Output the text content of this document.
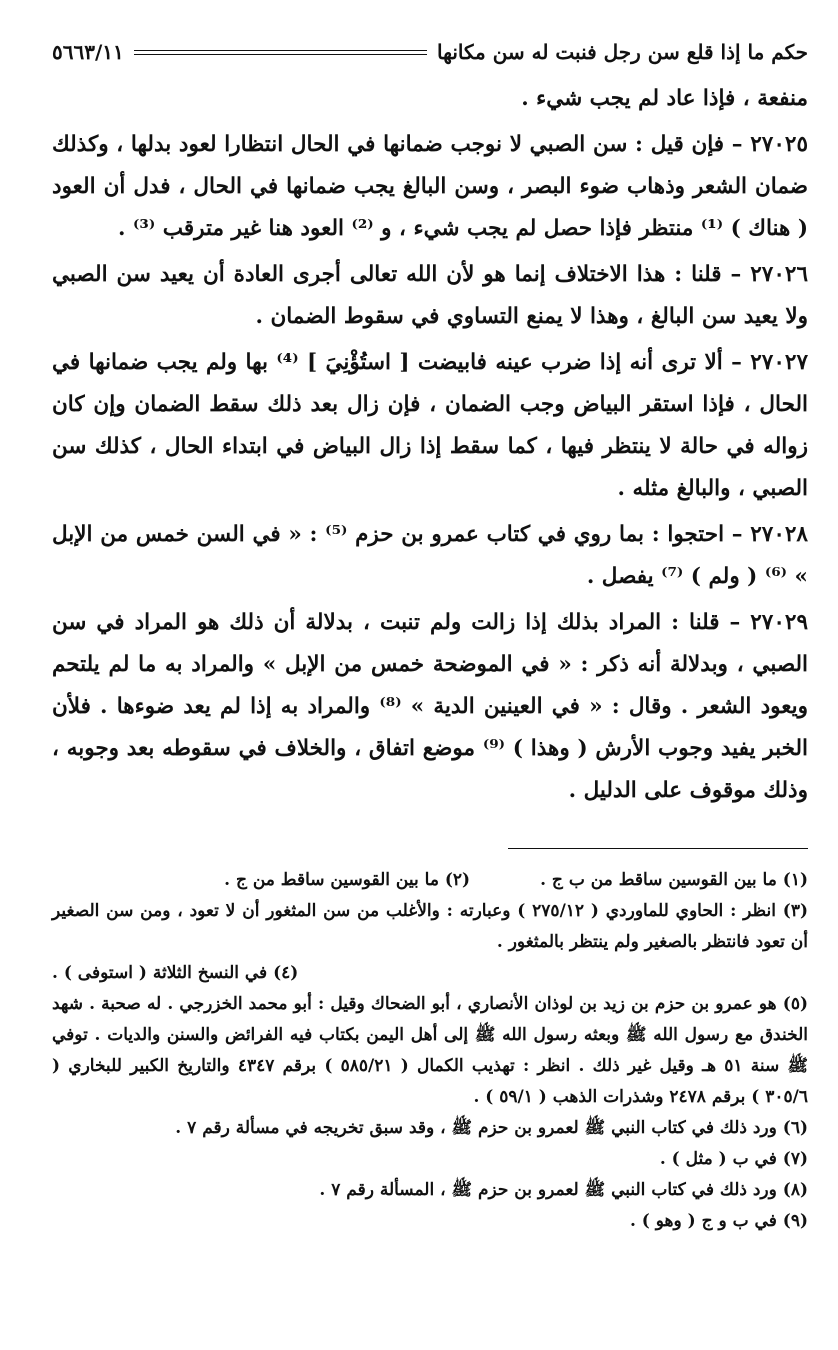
حكم ما إذا قلع سن رجل فنبت له سن مكانها
٥٦٦٣/١١

منفعة ، فإذا عاد لم يجب شيء .

٢٧٠٢٥ – فإن قيل : سن الصبي لا نوجب ضمانها في الحال انتظارا لعود بدلها ، وكذلك ضمان الشعر وذهاب ضوء البصر ، وسن البالغ يجب ضمانها في الحال ، فدل أن العود ( هناك ) ⁽¹⁾ منتظر فإذا حصل لم يجب شيء ، و ⁽²⁾ العود هنا غير مترقب ⁽³⁾ .

٢٧٠٢٦ – قلنا : هذا الاختلاف إنما هو لأن الله تعالى أجرى العادة أن يعيد سن الصبي ولا يعيد سن البالغ ، وهذا لا يمنع التساوي في سقوط الضمان .

٢٧٠٢٧ – ألا ترى أنه إذا ضرب عينه فابيضت [ استُؤْنِيَ ] ⁽⁴⁾ بها ولم يجب ضمانها في الحال ، فإذا استقر البياض وجب الضمان ، فإن زال بعد ذلك سقط الضمان وإن كان زواله في حالة لا ينتظر فيها ، كما سقط إذا زال البياض في ابتداء الحال ، كذلك سن الصبي ، والبالغ مثله .

٢٧٠٢٨ – احتجوا : بما روي في كتاب عمرو بن حزم ⁽⁵⁾ : « في السن خمس من الإبل » ⁽⁶⁾ ( ولم ) ⁽⁷⁾ يفصل .

٢٧٠٢٩ – قلنا : المراد بذلك إذا زالت ولم تنبت ، بدلالة أن ذلك هو المراد في سن الصبي ، وبدلالة أنه ذكر : « في الموضحة خمس من الإبل » والمراد به ما لم يلتحم ويعود الشعر . وقال : « في العينين الدية » ⁽⁸⁾ والمراد به إذا لم يعد ضوءها . فلأن الخبر يفيد وجوب الأرش ( وهذا ) ⁽⁹⁾ موضع اتفاق ، والخلاف في سقوطه بعد وجوبه ، وذلك موقوف على الدليل .

(١) ما بين القوسين ساقط من ب ج .
(٢) ما بين القوسين ساقط من ج .

(٣) انظر : الحاوي للماوردي ( ٢٧٥/١٢ ) وعبارته : والأغلب من سن المثغور أن لا تعود ، ومن سن الصغير أن تعود فانتظر بالصغير ولم ينتظر بالمثغور .

(٤) في النسخ الثلاثة ( استوفى ) .

(٥) هو عمرو بن حزم بن زيد بن لوذان الأنصاري ، أبو الضحاك وقيل : أبو محمد الخزرجي . له صحبة . شهد الخندق مع رسول الله ﷺ وبعثه رسول الله ﷺ إلى أهل اليمن بكتاب فيه الفرائض والسنن والديات . توفي ﷺ سنة ٥١ هـ وقيل غير ذلك . انظر : تهذيب الكمال ( ٥٨٥/٢١ ) برقم ٤٣٤٧ والتاريخ الكبير للبخاري ( ٣٠٥/٦ ) برقم ٢٤٧٨ وشذرات الذهب ( ٥٩/١ ) .

(٦) ورد ذلك في كتاب النبي ﷺ لعمرو بن حزم ﷺ ، وقد سبق تخريجه في مسألة رقم ٧ .

(٧) في ب ( مثل ) .

(٨) ورد ذلك في كتاب النبي ﷺ لعمرو بن حزم ﷺ ، المسألة رقم ٧ .

(٩) في ب و ج ( وهو ) .
